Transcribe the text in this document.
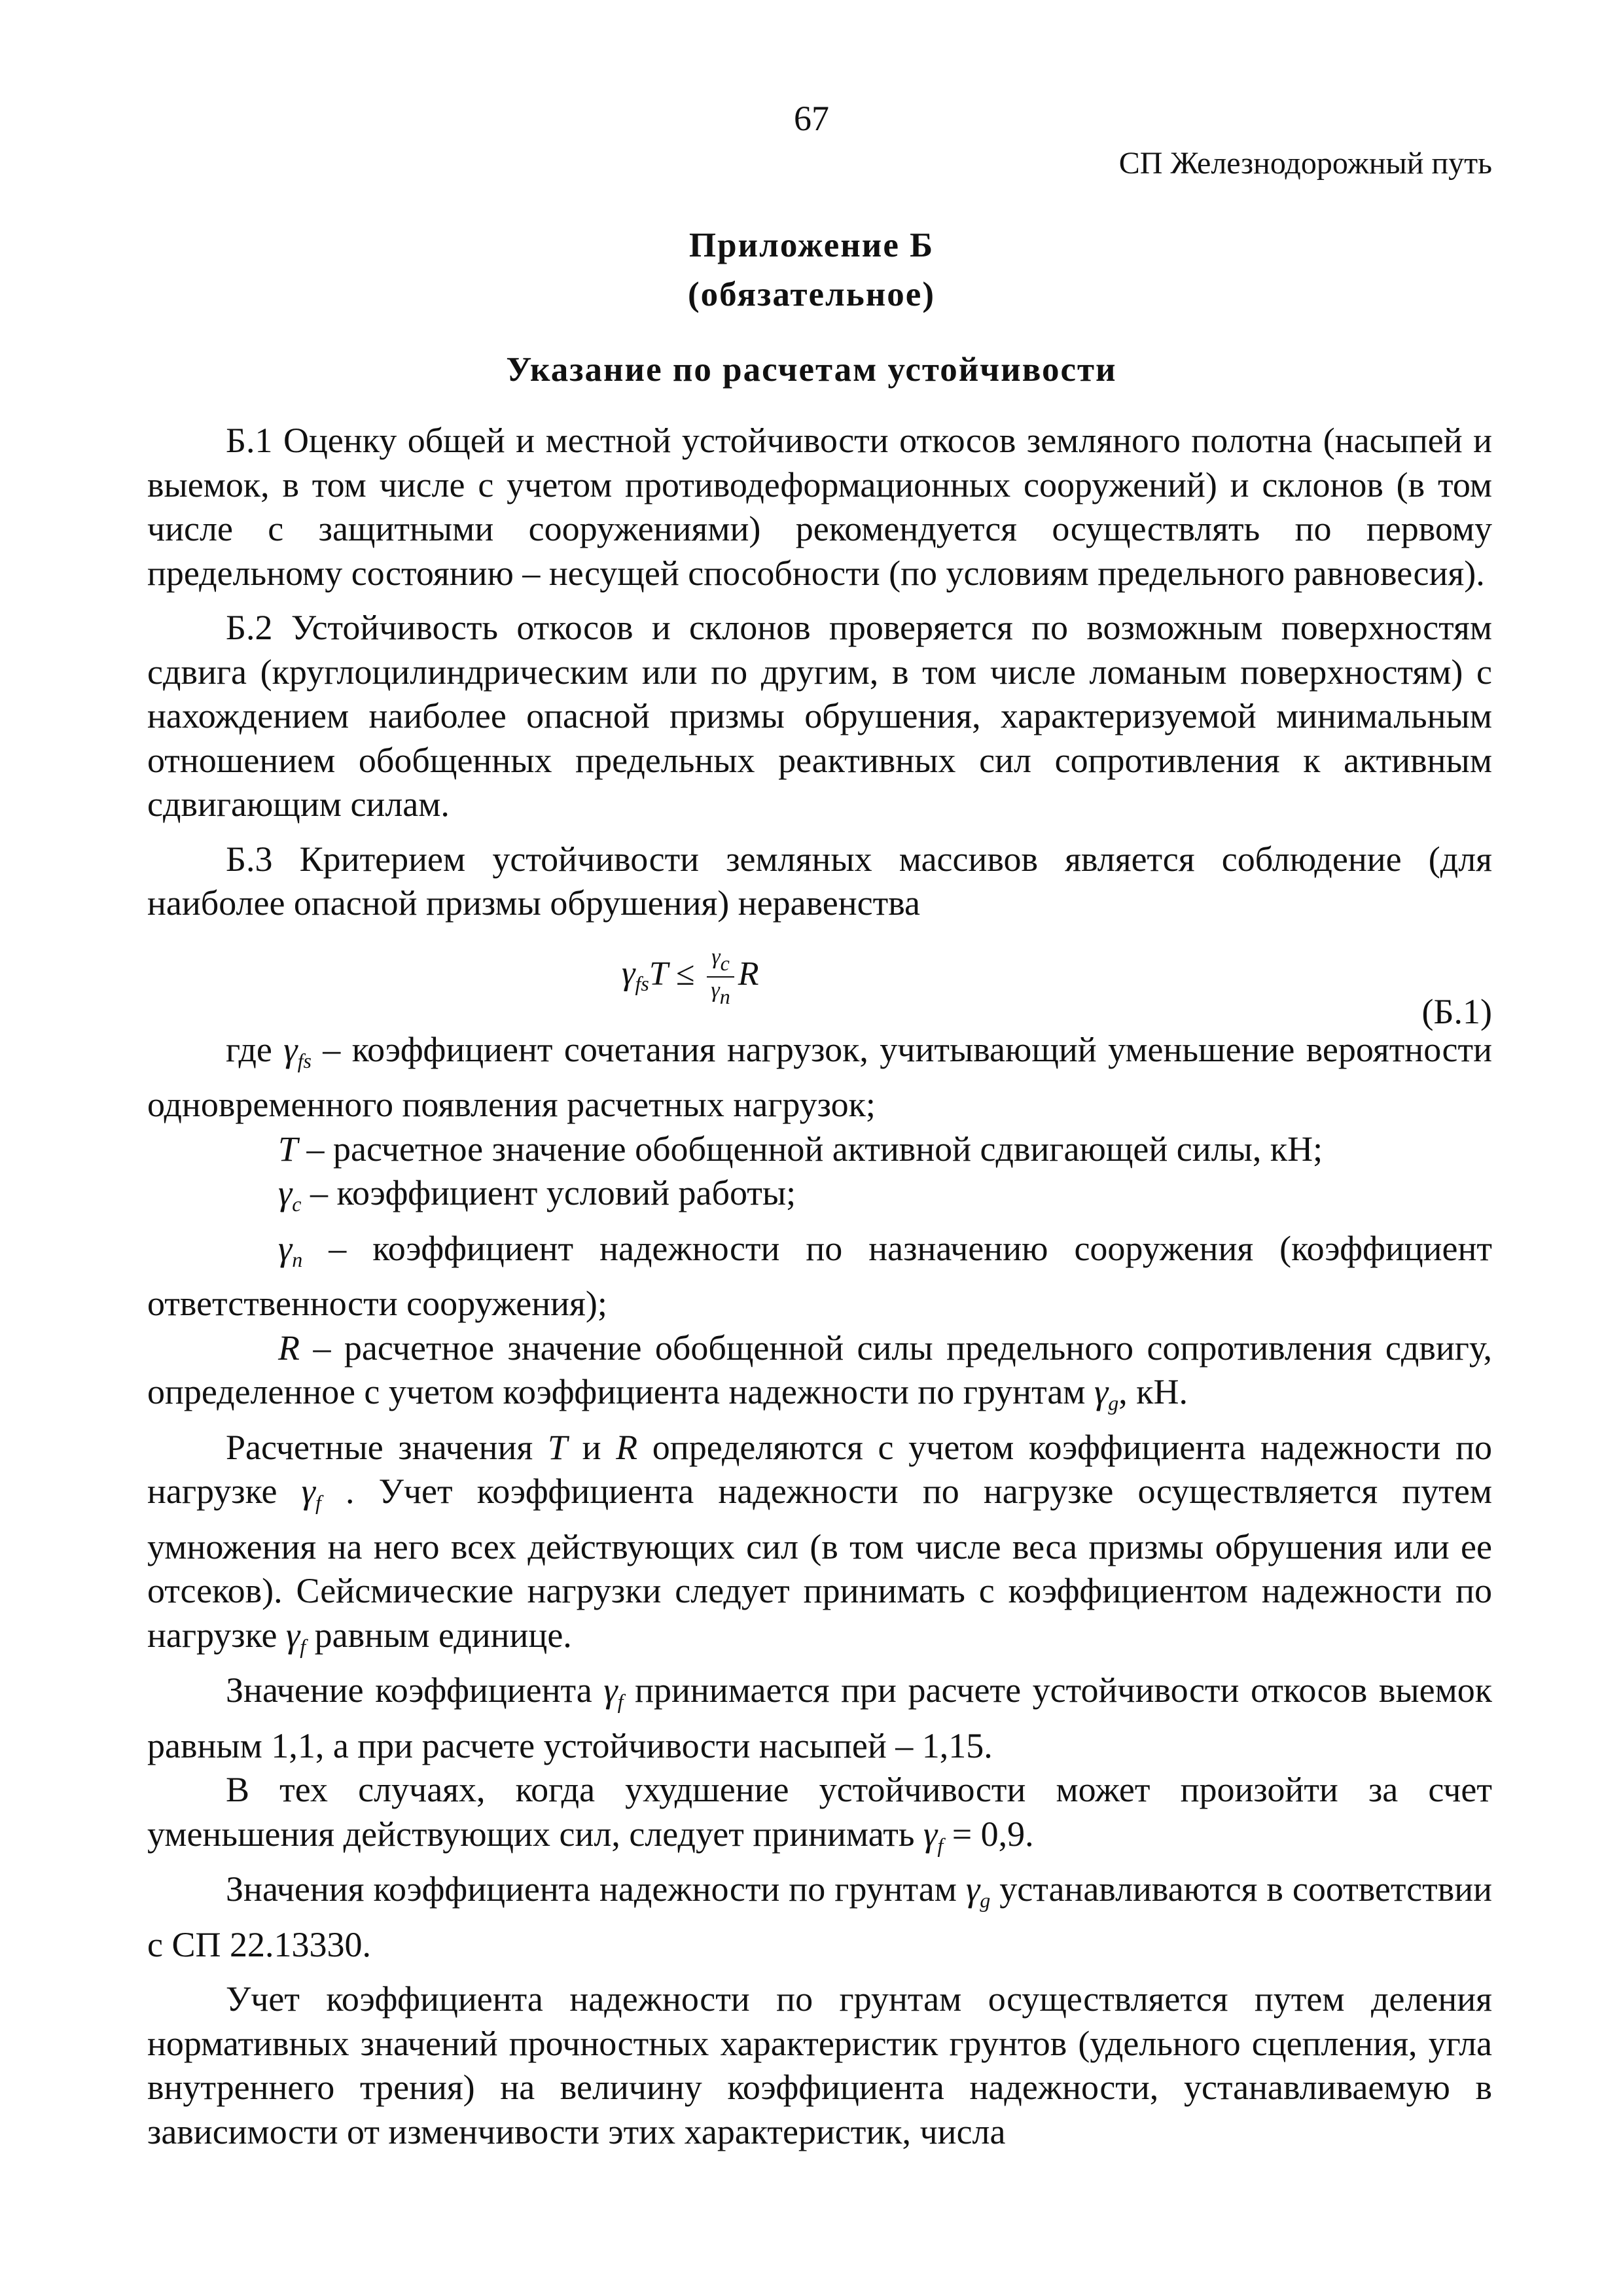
67
СП Железнодорожный путь
Приложение Б
(обязательное)
Указание по расчетам устойчивости

Б.1 Оценку общей и местной устойчивости откосов земляного полотна (насыпей и выемок, в том числе с учетом противодеформационных сооружений) и склонов (в том числе с защитными сооружениями) рекомендуется осуществлять по первому предельному состоянию – несущей способности (по условиям предельного равновесия).

Б.2 Устойчивость откосов и склонов проверяется по возможным поверхностям сдвига (круглоцилиндрическим или по другим, в том числе ломаным поверхностям) с нахождением наиболее опасной призмы обрушения, характеризуемой минимальным отношением обобщенных предельных реактивных сил сопротивления к активным сдвигающим силам.

Б.3 Критерием устойчивости земляных массивов является соблюдение (для наиболее опасной призмы обрушения) неравенства

$\gamma_{fs}T \le \frac{\gamma_c}{\gamma_n}$ R
(Б.1)

где $\gamma_{fs}$ – коэффициент сочетания нагрузок, учитывающий уменьшение вероятности одновременного появления расчетных нагрузок;

T – расчетное значение обобщенной активной сдвигающей силы, кН;

$\gamma_c$ – коэффициент условий работы;

$\gamma_n$ – коэффициент надежности по назначению сооружения (коэффициент ответственности сооружения);

R – расчетное значение обобщенной силы предельного сопротивления сдвигу, определенное с учетом коэффициента надежности по грунтам $\gamma_g$, кН.

Расчетные значения T и R определяются с учетом коэффициента надежности по нагрузке $\gamma_f$ . Учет коэффициента надежности по нагрузке осуществляется путем умножения на него всех действующих сил (в том числе веса призмы обрушения или ее отсеков). Сейсмические нагрузки следует принимать с коэффициентом надежности по нагрузке $\gamma_f$ равным единице.

Значение коэффициента $\gamma_f$ принимается при расчете устойчивости откосов выемок равным 1,1, а при расчете устойчивости насыпей – 1,15.

В тех случаях, когда ухудшение устойчивости может произойти за счет уменьшения действующих сил, следует принимать $\gamma_f = 0,9$.

Значения коэффициента надежности по грунтам $\gamma_g$ устанавливаются в соответствии с СП 22.13330.

Учет коэффициента надежности по грунтам осуществляется путем деления нормативных значений прочностных характеристик грунтов (удельного сцепления, угла внутреннего трения) на величину коэффициента надежности, устанавливаемую в зависимости от изменчивости этих характеристик, числа
